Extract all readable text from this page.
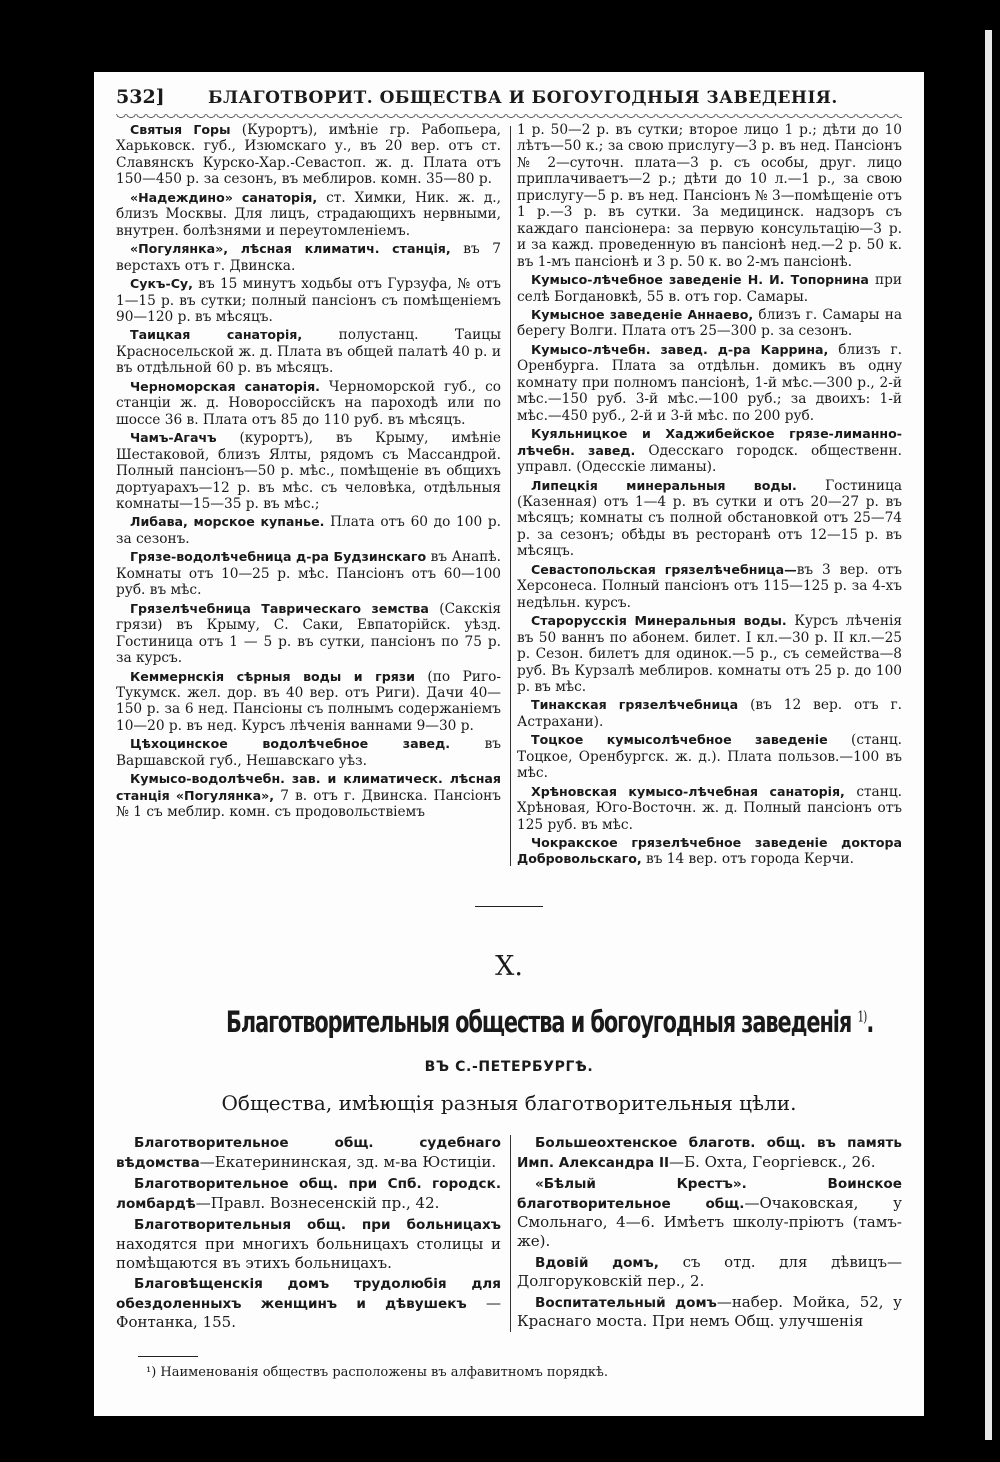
532]	БЛАГОТВОРИТ. ОБЩЕСТВА И БОГОУГОДНЫЯ ЗАВЕДЕНІЯ.

Святыя Горы (Курортъ), имѣніе гр. Рабопьера, Харьковск. губ., Изюмскаго у., въ 20 вер. отъ ст. Славянскъ Курско-Хар.-Севастоп. ж. д. Плата отъ 150—450 р. за сезонъ, въ меблиров. комн. 35—80 р.

«Надеждино» санаторія, ст. Химки, Ник. ж. д., близъ Москвы. Для лицъ, страдающихъ нервными, внутрен. болѣзнями и переутомленіемъ.

«Погулянка», лѣсная климатич. станція, въ 7 верстахъ отъ г. Двинска.

Сукъ-Су, въ 15 минутъ ходьбы отъ Гурзуфа, № отъ 1—15 р. въ сутки; полный пансіонъ съ помѣщеніемъ 90—120 р. въ мѣсяцъ.

Таицкая санаторія, полустанц. Таицы Красносельской ж. д. Плата въ общей палатѣ 40 р. и въ отдѣльной 60 р. въ мѣсяцъ.

Черноморская санаторія. Черноморской губ., со станціи ж. д. Новороссійскъ на пароходѣ или по шоссе 36 в. Плата отъ 85 до 110 руб. въ мѣсяцъ.

Чамъ-Агачъ (курортъ), въ Крыму, имѣніе Шестаковой, близъ Ялты, рядомъ съ Массандрой. Полный пансіонъ—50 р. мѣс., помѣщеніе въ общихъ дортуарахъ—12 р. въ мѣс. съ человѣка, отдѣльныя комнаты—15—35 р. въ мѣс.;

Либава, морское купанье. Плата отъ 60 до 100 р. за сезонъ.

Грязе-водолѣчебница д-ра Будзинскаго въ Анапѣ. Комнаты отъ 10—25 р. мѣс. Пансіонъ отъ 60—100 руб. въ мѣс.

Грязелѣчебница Таврическаго земства (Сакскія грязи) въ Крыму, С. Саки, Евпаторійск. уѣзд. Гостиница отъ 1 — 5 р. въ сутки, пансіонъ по 75 р. за курсъ.

Кеммернскія сѣрныя воды и грязи (по Риго-Тукумск. жел. дор. въ 40 вер. отъ Риги). Дачи 40—150 р. за 6 нед. Пансіоны съ полнымъ содержаніемъ 10—20 р. въ нед. Курсъ лѣченія ваннами 9—30 р.

Цѣхоцинское водолѣчебное завед. въ Варшавской губ., Нешавскаго уѣз.

Кумысо-водолѣчебн. зав. и климатическ. лѣсная станція «Погулянка», 7 в. отъ г. Двинска. Пансіонъ № 1 съ меблир. комн. съ продовольствіемъ

1 р. 50—2 р. въ сутки; второе лицо 1 р.; дѣти до 10 лѣтъ—50 к.; за свою прислугу—3 р. въ нед. Пансіонъ № 2—суточн. плата—3 р. съ особы, друг. лицо приплачиваетъ—2 р.; дѣти до 10 л.—1 р., за свою прислугу—5 р. въ нед. Пансіонъ № 3—помѣщеніе отъ 1 р.—3 р. въ сутки. За медицинск. надзоръ съ каждаго пансіонера: за первую консультацію—3 р. и за кажд. проведенную въ пансіонѣ нед.—2 р. 50 к. въ 1-мъ пансіонѣ и 3 р. 50 к. во 2-мъ пансіонѣ.

Кумысо-лѣчебное заведеніе Н. И. Топорнина при селѣ Богдановкѣ, 55 в. отъ гор. Самары.

Кумысное заведеніе Аннаево, близъ г. Самары на берегу Волги. Плата отъ 25—300 р. за сезонъ.

Кумысо-лѣчебн. завед. д-ра Каррина, близъ г. Оренбурга. Плата за отдѣльн. домикъ въ одну комнату при полномъ пансіонѣ, 1-й мѣс.—300 р., 2-й мѣс.—150 руб. 3-й мѣс.—100 руб.; за двоихъ: 1-й мѣс.—450 руб., 2-й и 3-й мѣс. по 200 руб.

Куяльницкое и Хаджибейское грязе-лиманно-лѣчебн. завед. Одесскаго городск. общественн. управл. (Одесскіе лиманы).

Липецкія минеральныя воды. Гостиница (Казенная) отъ 1—4 р. въ сутки и отъ 20—27 р. въ мѣсяцъ; комнаты съ полной обстановкой отъ 25—74 р. за сезонъ; обѣды въ ресторанѣ отъ 12—15 р. въ мѣсяцъ.

Севастопольская грязелѣчебница—въ 3 вер. отъ Херсонеса. Полный пансіонъ отъ 115—125 р. за 4-хъ недѣльн. курсъ.

Старорусскія Минеральныя воды. Курсъ лѣченія въ 50 ваннъ по абонем. билет. I кл.—30 р. II кл.—25 р. Сезон. билетъ для одинок.—5 р., съ семейства—8 руб. Въ Курзалѣ меблиров. комнаты отъ 25 р. до 100 р. въ мѣс.

Тинакская грязелѣчебница (въ 12 вер. отъ г. Астрахани).

Тоцкое кумысолѣчебное заведеніе (станц. Тоцкое, Оренбургск. ж. д.). Плата пользов.—100 въ мѣс.

Хрѣновская кумысо-лѣчебная санаторія, станц. Хрѣновая, Юго-Восточн. ж. д. Полный пансіонъ отъ 125 руб. въ мѣс.

Чокракское грязелѣчебное заведеніе доктора Добровольскаго, въ 14 вер. отъ города Керчи.

X.
Благотворительныя общества и богоугодныя заведенія $^{1)}$.
ВЪ С.-ПЕТЕРБУРГѢ.
Общества, имѣющія разныя благотворительныя цѣли.

Благотворительное общ. судебнаго вѣдомства—Екатерининская, зд. м-ва Юстиціи.

Благотворительное общ. при Спб. городск. ломбардѣ—Правл. Вознесенскій пр., 42.

Благотворительныя общ. при больницахъ находятся при многихъ больницахъ столицы и помѣщаются въ этихъ больницахъ.

Благовѣщенскія домъ трудолюбія для обездоленныхъ женщинъ и дѣвушекъ — Фонтанка, 155.

Большеохтенское благотв. общ. въ память Имп. Александра II—Б. Охта, Георгіевск., 26.

«Бѣлый Крестъ». Воинское благотворительное общ.—Очаковская, у Смольнаго, 4—6. Имѣетъ школу-пріютъ (тамъ-же).

Вдовій домъ, съ отд. для дѣвицъ—Долгоруковскій пер., 2.

Воспитательный домъ—набер. Мойка, 52, у Краснаго моста. При немъ Общ. улучшенія

¹) Наименованія обществъ расположены въ алфавитномъ порядкѣ.
